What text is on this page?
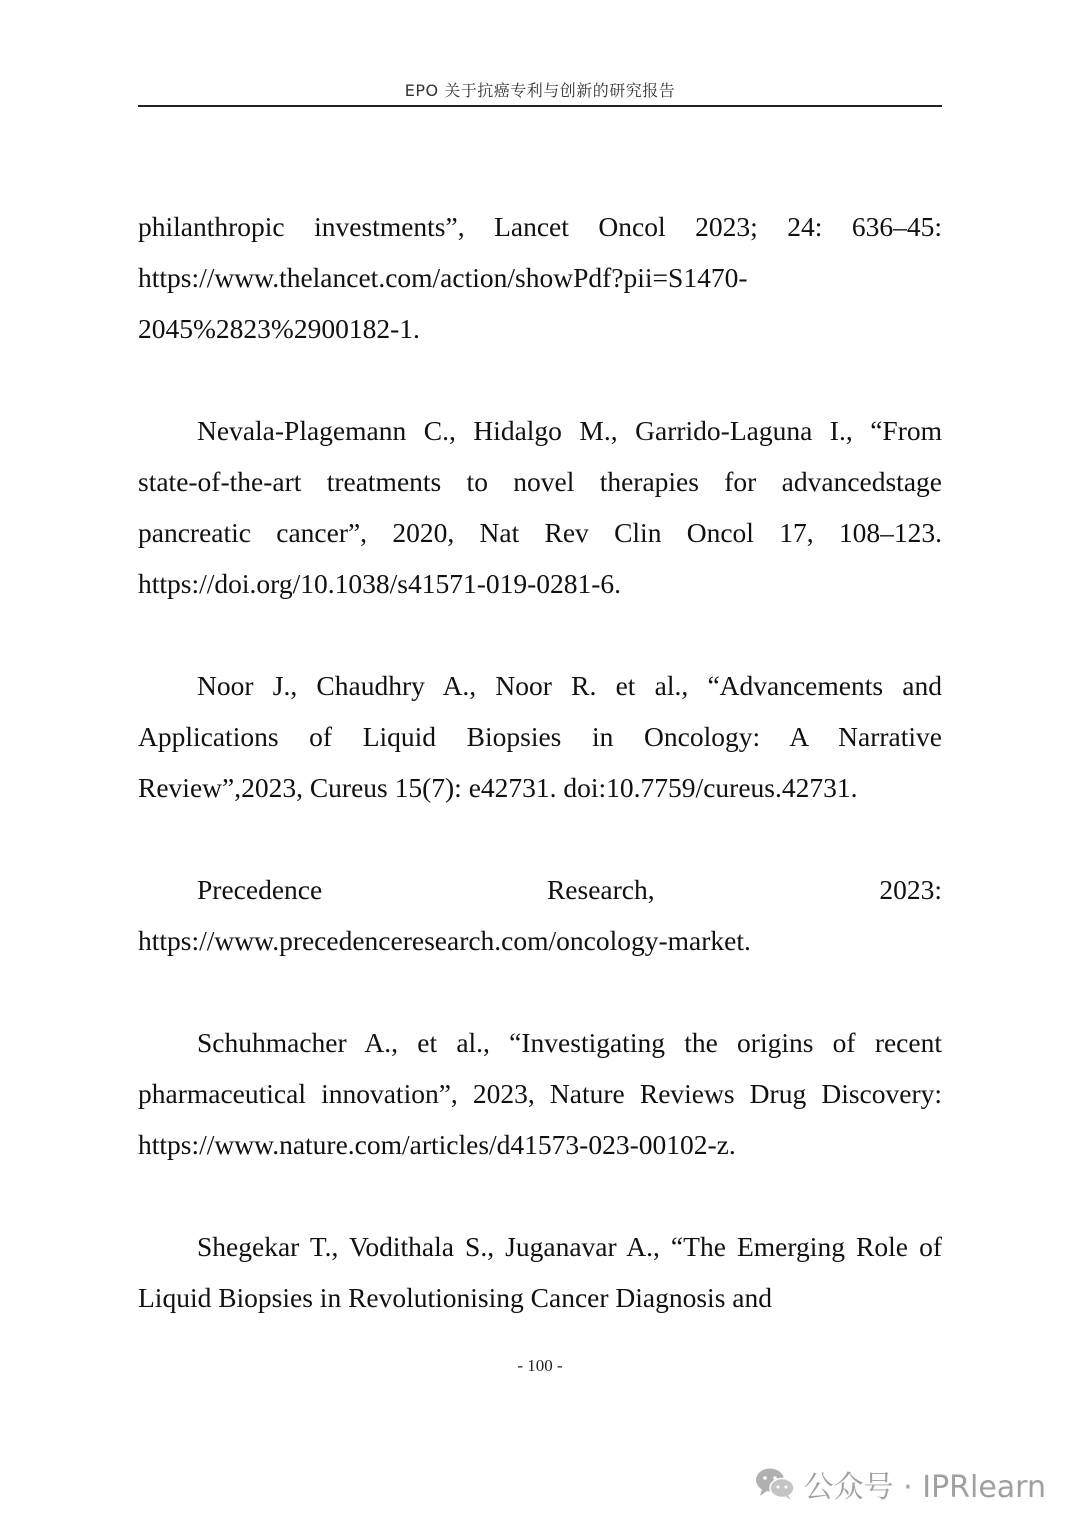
EPO 关于抗癌专利与创新的研究报告

philanthropic investments”, Lancet Oncol 2023; 24: 636–45: https://www.thelancet.com/action/showPdf?pii=S1470-2045%2823%2900182-1.

Nevala-Plagemann C., Hidalgo M., Garrido-Laguna I., “From state-of-the-art treatments to novel therapies for advancedstage pancreatic cancer”, 2020, Nat Rev Clin Oncol 17, 108–123. https://doi.org/10.1038/s41571-019-0281-6.

Noor J., Chaudhry A., Noor R. et al., “Advancements and Applications of Liquid Biopsies in Oncology: A Narrative Review”,2023, Cureus 15(7): e42731. doi:10.7759/cureus.42731.

Precedence Research, 2023: https://www.precedenceresearch.com/oncology-market.

Schuhmacher A., et al., “Investigating the origins of recent pharmaceutical innovation”, 2023, Nature Reviews Drug Discovery: https://www.nature.com/articles/d41573-023-00102-z.

Shegekar T., Vodithala S., Juganavar A., “The Emerging Role of Liquid Biopsies in Revolutionising Cancer Diagnosis and

- 100 -
公众号 · IPRlearn
